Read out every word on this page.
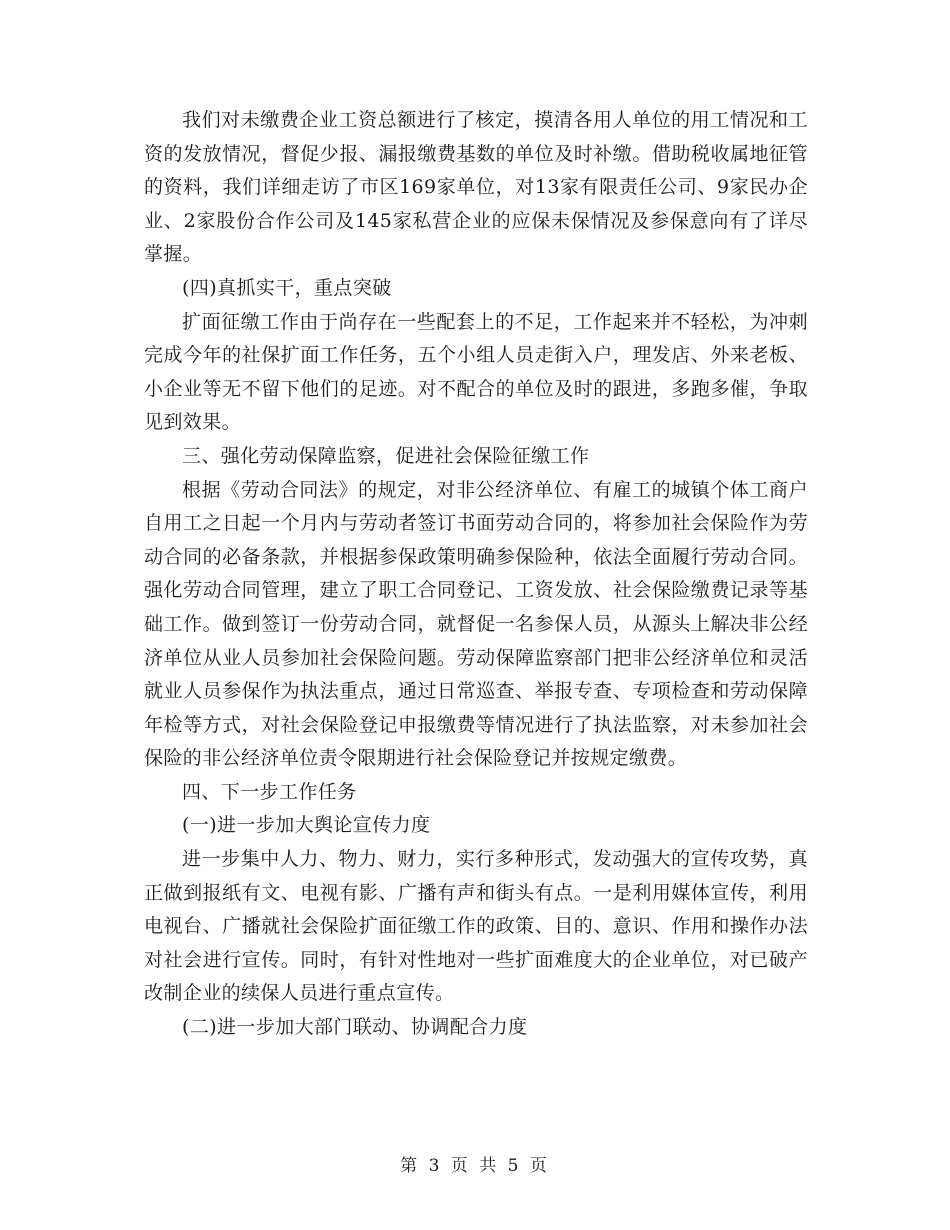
我们对未缴费企业工资总额进行了核定，摸清各用人单位的用工情况和工资的发放情况，督促少报、漏报缴费基数的单位及时补缴。借助税收属地征管的资料，我们详细走访了市区169家单位，对13家有限责任公司、9家民办企业、2家股份合作公司及145家私营企业的应保未保情况及参保意向有了详尽掌握。

(四)真抓实干，重点突破

扩面征缴工作由于尚存在一些配套上的不足，工作起来并不轻松，为冲刺完成今年的社保扩面工作任务，五个小组人员走街入户，理发店、外来老板、小企业等无不留下他们的足迹。对不配合的单位及时的跟进，多跑多催，争取见到效果。

三、强化劳动保障监察，促进社会保险征缴工作

根据《劳动合同法》的规定，对非公经济单位、有雇工的城镇个体工商户自用工之日起一个月内与劳动者签订书面劳动合同的，将参加社会保险作为劳动合同的必备条款，并根据参保政策明确参保险种，依法全面履行劳动合同。强化劳动合同管理，建立了职工合同登记、工资发放、社会保险缴费记录等基础工作。做到签订一份劳动合同，就督促一名参保人员，从源头上解决非公经济单位从业人员参加社会保险问题。劳动保障监察部门把非公经济单位和灵活就业人员参保作为执法重点，通过日常巡查、举报专查、专项检查和劳动保障年检等方式，对社会保险登记申报缴费等情况进行了执法监察，对未参加社会保险的非公经济单位责令限期进行社会保险登记并按规定缴费。

四、下一步工作任务

(一)进一步加大舆论宣传力度

进一步集中人力、物力、财力，实行多种形式，发动强大的宣传攻势，真正做到报纸有文、电视有影、广播有声和街头有点。一是利用媒体宣传，利用电视台、广播就社会保险扩面征缴工作的政策、目的、意识、作用和操作办法对社会进行宣传。同时，有针对性地对一些扩面难度大的企业单位，对已破产改制企业的续保人员进行重点宣传。

(二)进一步加大部门联动、协调配合力度

第 3 页 共 5 页
